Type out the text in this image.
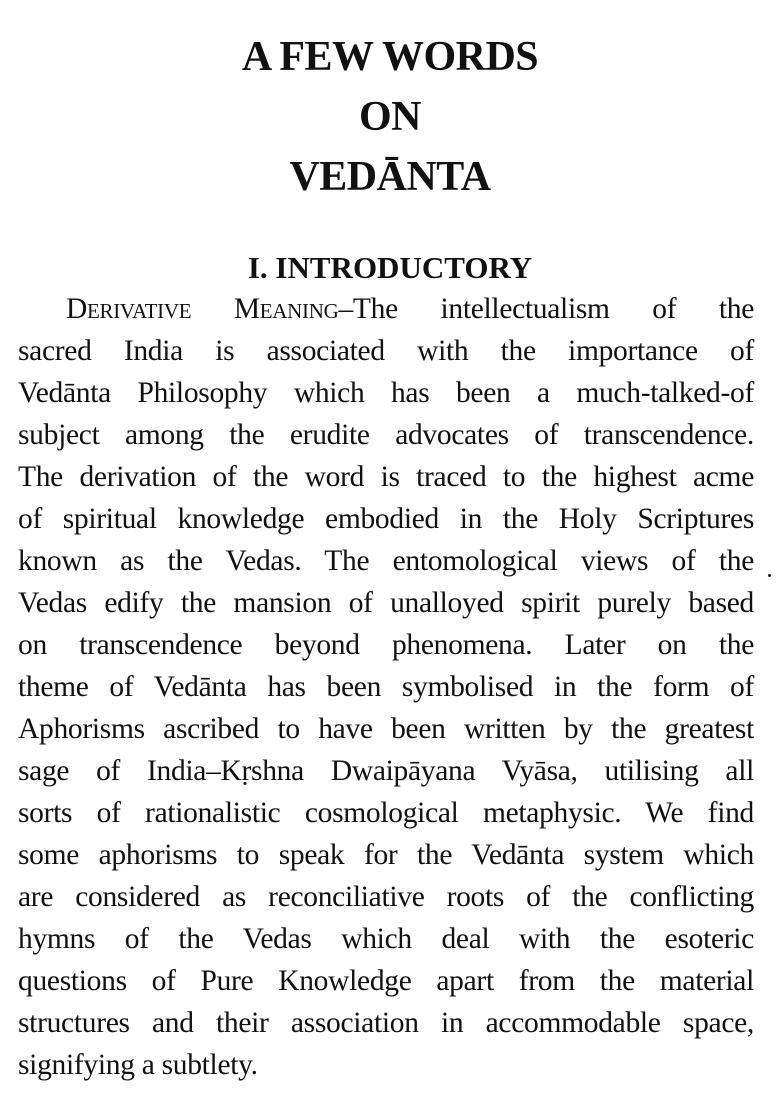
A FEW WORDS
ON
VEDĀNTA
I. INTRODUCTORY
Derivative Meaning–The intellectualism of the
sacred India is associated with the importance of
Vedānta Philosophy which has been a much-talked-of
subject among the erudite advocates of transcendence.
The derivation of the word is traced to the highest acme
of spiritual knowledge embodied in the Holy Scriptures
known as the Vedas. The entomological views of the
Vedas edify the mansion of unalloyed spirit purely based
on transcendence beyond phenomena. Later on the
theme of Vedānta has been symbolised in the form of
Aphorisms ascribed to have been written by the greatest
sage of India–Kṛshna Dwaipāyana Vyāsa, utilising all
sorts of rationalistic cosmological metaphysic. We find
some aphorisms to speak for the Vedānta system which
are considered as reconciliative roots of the conflicting
hymns of the Vedas which deal with the esoteric
questions of Pure Knowledge apart from the material
structures and their association in accommodable space,
signifying a subtlety.
